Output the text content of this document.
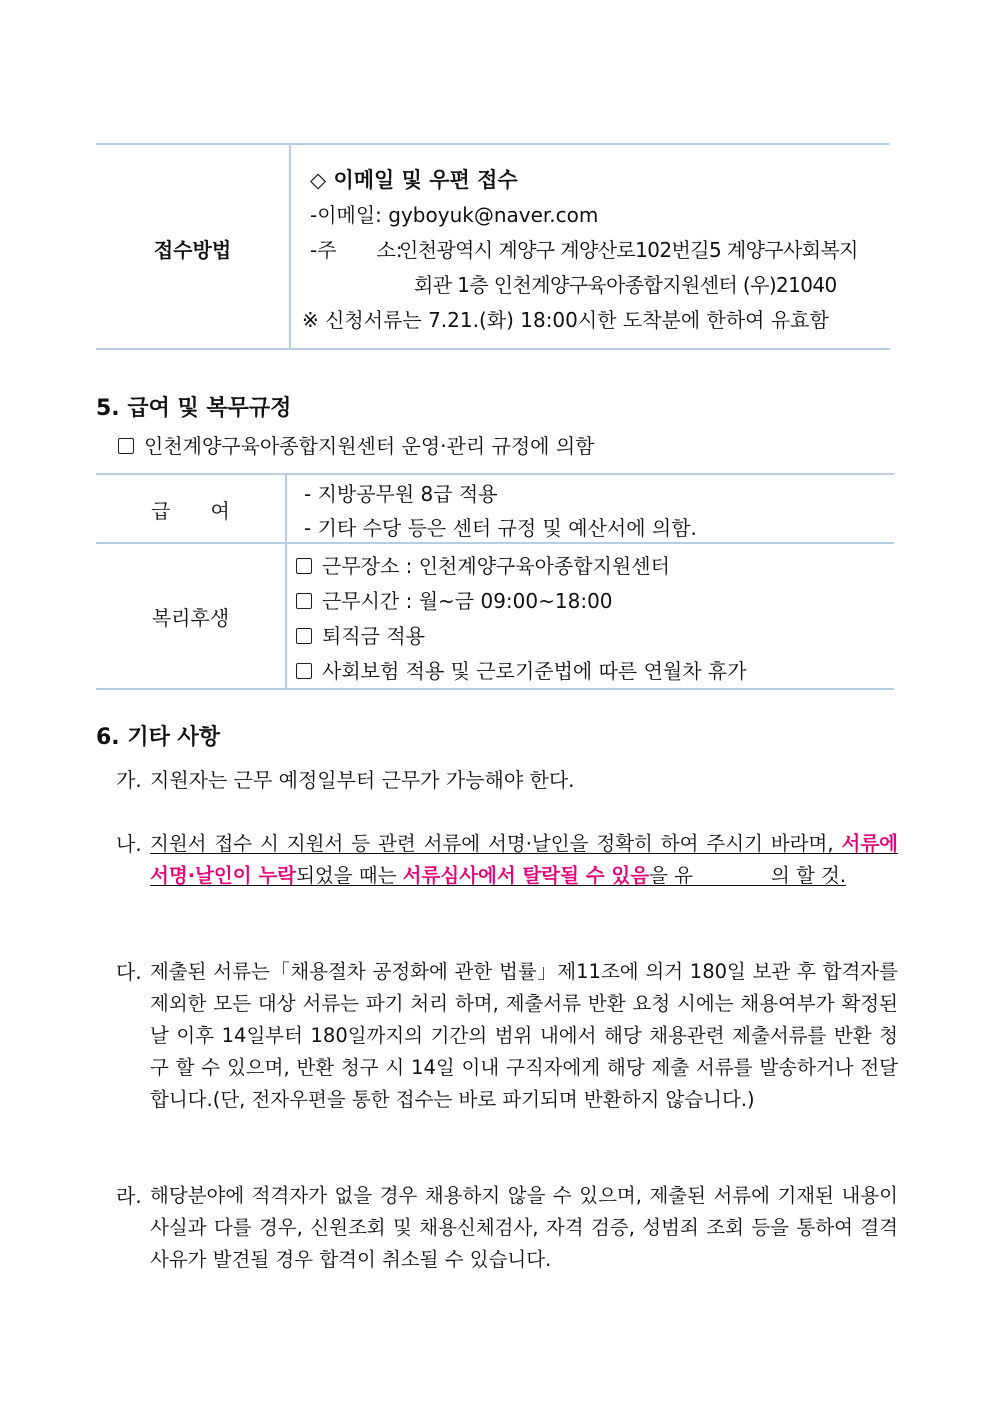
접수방법
◇ 이메일 및 우편 접수
-이메일: gyboyuk@naver.com
-주　　소:
인천광역시 계양구 계양산로102번길5 계양구사회복지
회관 1층 인천계양구육아종합지원센터 (우)21040
※ 신청서류는 7.21.(화) 18:00시한 도착분에 한하여 유효함
5. 급여 및 복무규정
인천계양구육아종합지원센터 운영·관리 규정에 의함
급　　여
- 지방공무원 8급 적용
- 기타 수당 등은 센터 규정 및 예산서에 의함.
복리후생
근무장소 : 인천계양구육아종합지원센터
근무시간 : 월~금 09:00~18:00
퇴직금 적용
사회보험 적용 및 근로기준법에 따른 연월차 휴가
6. 기타 사항
가. 지원자는 근무 예정일부터 근무가 가능해야 한다.
나. 지원서 접수 시 지원서 등 관련 서류에 서명·날인을 정확히 하여 주시기 바라며, 서류에 서명·날인이 누락되었을 때는 서류심사에서 탈락될 수 있음을 유　　　　의 할 것.
다. 제출된 서류는「채용절차 공정화에 관한 법률」제11조에 의거 180일 보관 후 합격자를 제외한 모든 대상 서류는 파기 처리 하며, 제출서류 반환 요청 시에는 채용여부가 확정된 날 이후 14일부터 180일까지의 기간의 범위 내에서 해당 채용관련 제출서류를 반환 청구 할 수 있으며, 반환 청구 시 14일 이내 구직자에게 해당 제출 서류를 발송하거나 전달합니다.(단, 전자우편을 통한 접수는 바로 파기되며 반환하지 않습니다.)
라. 해당분야에 적격자가 없을 경우 채용하지 않을 수 있으며, 제출된 서류에 기재된 내용이 사실과 다를 경우, 신원조회 및 채용신체검사, 자격 검증, 성범죄 조회 등을 통하여 결격사유가 발견될 경우 합격이 취소될 수 있습니다.
